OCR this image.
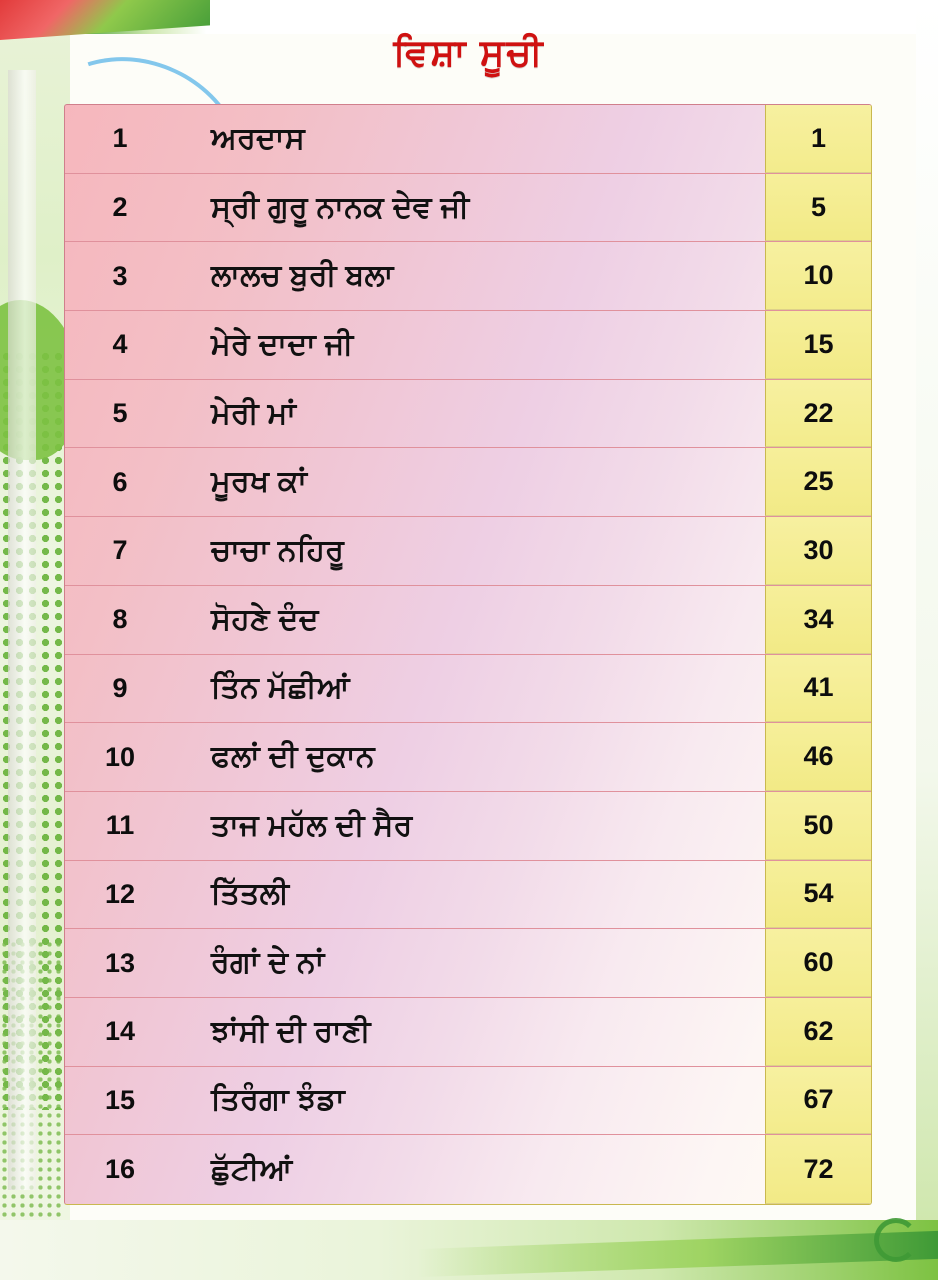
ਵਿਸ਼ਾ ਸੂਚੀ
1	ਅਰਦਾਸ	1
2	ਸ੍ਰੀ ਗੁਰੂ ਨਾਨਕ ਦੇਵ ਜੀ	5
3	ਲਾਲਚ ਬੁਰੀ ਬਲਾ	10
4	ਮੇਰੇ ਦਾਦਾ ਜੀ	15
5	ਮੇਰੀ ਮਾਂ	22
6	ਮੂਰਖ ਕਾਂ	25
7	ਚਾਚਾ ਨਹਿਰੂ	30
8	ਸੋਹਣੇ ਦੰਦ	34
9	ਤਿੰਨ ਮੱਛੀਆਂ	41
10	ਫਲਾਂ ਦੀ ਦੁਕਾਨ	46
11	ਤਾਜ ਮਹੱਲ ਦੀ ਸੈਰ	50
12	ਤਿੱਤਲੀ	54
13	ਰੰਗਾਂ ਦੇ ਨਾਂ	60
14	ਝਾਂਸੀ ਦੀ ਰਾਣੀ	62
15	ਤਿਰੰਗਾ ਝੰਡਾ	67
16	ਛੁੱਟੀਆਂ	72
